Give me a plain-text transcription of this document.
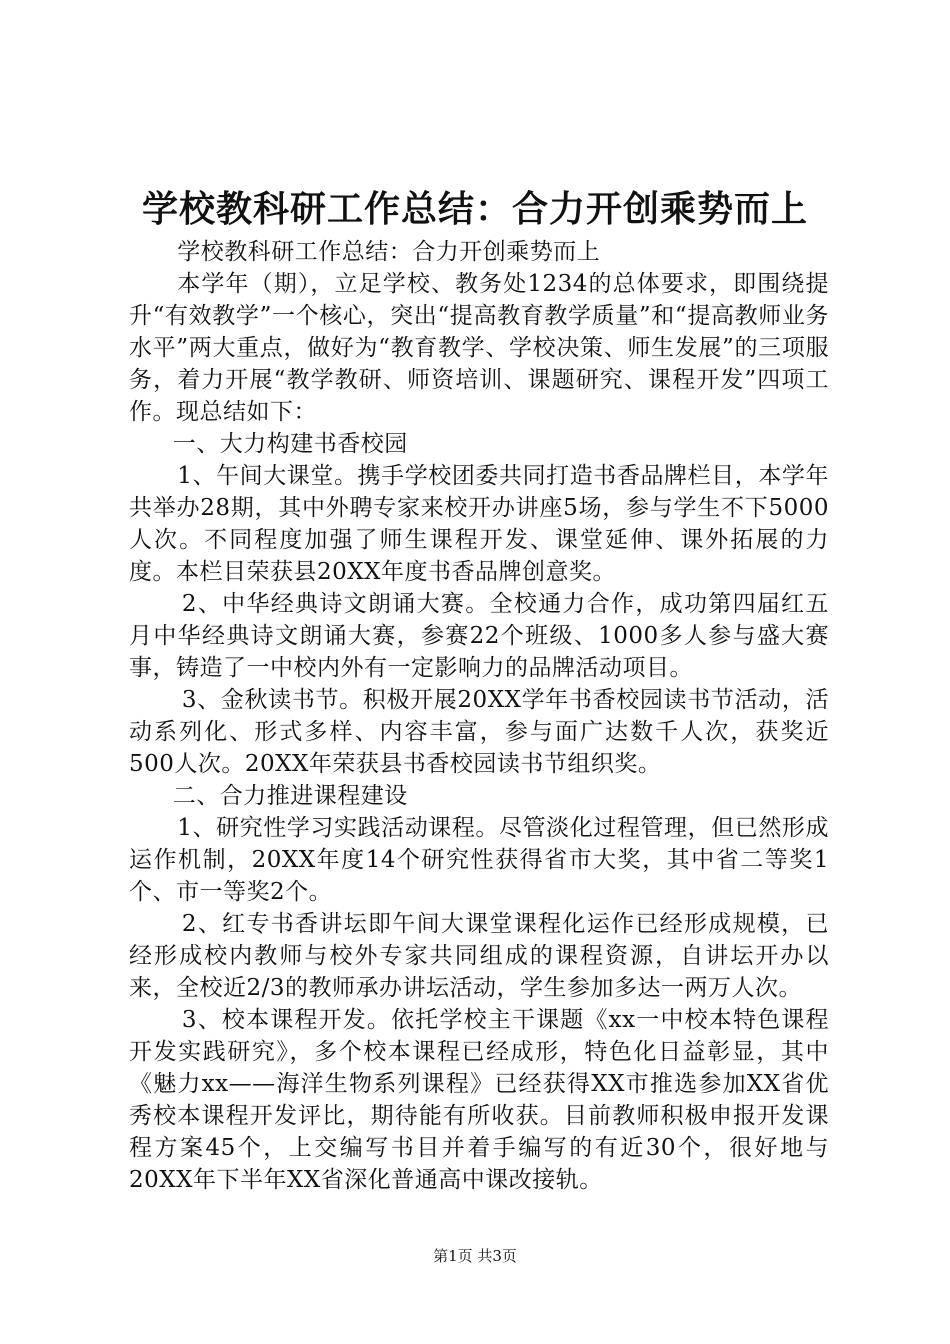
学校教科研工作总结：合力开创乘势而上

学校教科研工作总结：合力开创乘势而上

本学年（期），立足学校、教务处1234的总体要求，即围绕提升“有效教学”一个核心，突出“提高教育教学质量”和“提高教师业务水平”两大重点，做好为“教育教学、学校决策、师生发展”的三项服务，着力开展“教学教研、师资培训、课题研究、课程开发”四项工作。现总结如下：

一、大力构建书香校园

1、午间大课堂。携手学校团委共同打造书香品牌栏目，本学年共举办28期，其中外聘专家来校开办讲座5场，参与学生不下5000人次。不同程度加强了师生课程开发、课堂延伸、课外拓展的力度。本栏目荣获县20XX年度书香品牌创意奖。

2、中华经典诗文朗诵大赛。全校通力合作，成功第四届红五月中华经典诗文朗诵大赛，参赛22个班级、1000多人参与盛大赛事，铸造了一中校内外有一定影响力的品牌活动项目。

3、金秋读书节。积极开展20XX学年书香校园读书节活动，活动系列化、形式多样、内容丰富，参与面广达数千人次，获奖近500人次。20XX年荣获县书香校园读书节组织奖。

二、合力推进课程建设

1、研究性学习实践活动课程。尽管淡化过程管理，但已然形成运作机制，20XX年度14个研究性获得省市大奖，其中省二等奖1个、市一等奖2个。

2、红专书香讲坛即午间大课堂课程化运作已经形成规模，已经形成校内教师与校外专家共同组成的课程资源，自讲坛开办以来，全校近2/3的教师承办讲坛活动，学生参加多达一两万人次。

3、校本课程开发。依托学校主干课题《xx一中校本特色课程开发实践研究》，多个校本课程已经成形，特色化日益彰显，其中《魅力xx——海洋生物系列课程》已经获得XX市推选参加XX省优秀校本课程开发评比，期待能有所收获。目前教师积极申报开发课程方案45个，上交编写书目并着手编写的有近30个，很好地与20XX年下半年XX省深化普通高中课改接轨。

第1页 共3页
